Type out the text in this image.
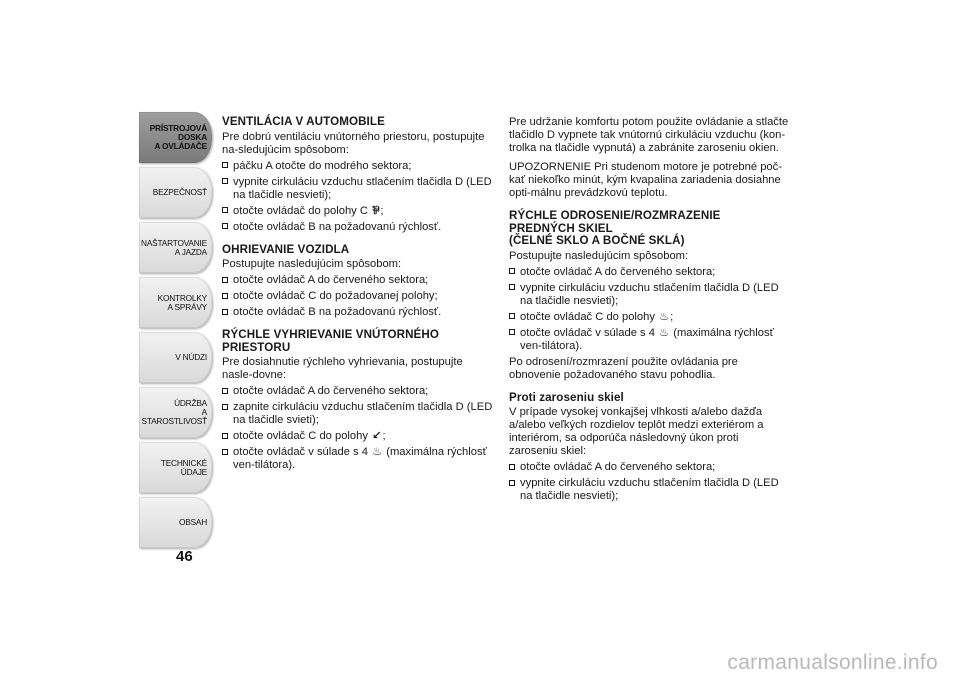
PRÍSTROJOVÁ
DOSKA
A OVLÁDAČE
BEZPEČNOSŤ
NAŠTARTOVANIE
A JAZDA
KONTROLKY
A SPRÁVY
V NÚDZI
ÚDRŽBA
A STAROSTLIVOSŤ
TECHNICKÉ ÚDAJE
OBSAH
46
VENTILÁCIA V AUTOMOBILE

Pre dobrú ventiláciu vnútorného priestoru, postupujte na-sledujúcim spôsobom:

páčku A otočte do modrého sektora;
vypnite cirkuláciu vzduchu stlačením tlačidla D (LED na tlačidle nesvieti);
otočte ovládač do polohy C ⅌;
otočte ovládač B na požadovanú rýchlosť.
OHRIEVANIE VOZIDLA

Postupujte nasledujúcim spôsobom:

otočte ovládač A do červeného sektora;
otočte ovládač C do požadovanej polohy;
otočte ovládač B na požadovanú rýchlosť.
RÝCHLE VYHRIEVANIE VNÚTORNÉHO
PRIESTORU

Pre dosiahnutie rýchleho vyhrievania, postupujte nasle-dovne:

otočte ovládač A do červeného sektora;
zapnite cirkuláciu vzduchu stlačením tlačidla D (LED na tlačidle svieti);
otočte ovládač C do polohy ↙;
otočte ovládač v súlade s 4 ♨ (maximálna rýchlosť ven-tilátora).

Pre udržanie komfortu potom použite ovládanie a stlačte tlačidlo D vypnete tak vnútornú cirkuláciu vzduchu (kon-trolka na tlačidle vypnutá) a zabránite zaroseniu okien.

UPOZORNENIE Pri studenom motore je potrebné poč-kať niekoľko minút, kým kvapalina zariadenia dosiahne opti-málnu prevádzkovú teplotu.

RÝCHLE ODROSENIE/ROZMRAZENIE
PREDNÝCH SKIEL
(ČELNÉ SKLO A BOČNÉ SKLÁ)

Postupujte nasledujúcim spôsobom:

otočte ovládač A do červeného sektora;
vypnite cirkuláciu vzduchu stlačením tlačidla D (LED na tlačidle nesvieti);
otočte ovládač C do polohy ♨;
otočte ovládač v súlade s 4 ♨ (maximálna rýchlosť ven-tilátora).

Po odrosení/rozmrazení použite ovládania pre obnovenie požadovaného stavu pohodlia.

Proti zaroseniu skiel

V prípade vysokej vonkajšej vlhkosti a/alebo dažďa a/alebo veľkých rozdielov teplôt medzi exteriérom a interiérom, sa odporúča následovný úkon proti zaroseniu skiel:

otočte ovládač A do červeného sektora;
vypnite cirkuláciu vzduchu stlačením tlačidla D (LED na tlačidle nesvieti);
carmanualsonline.info
